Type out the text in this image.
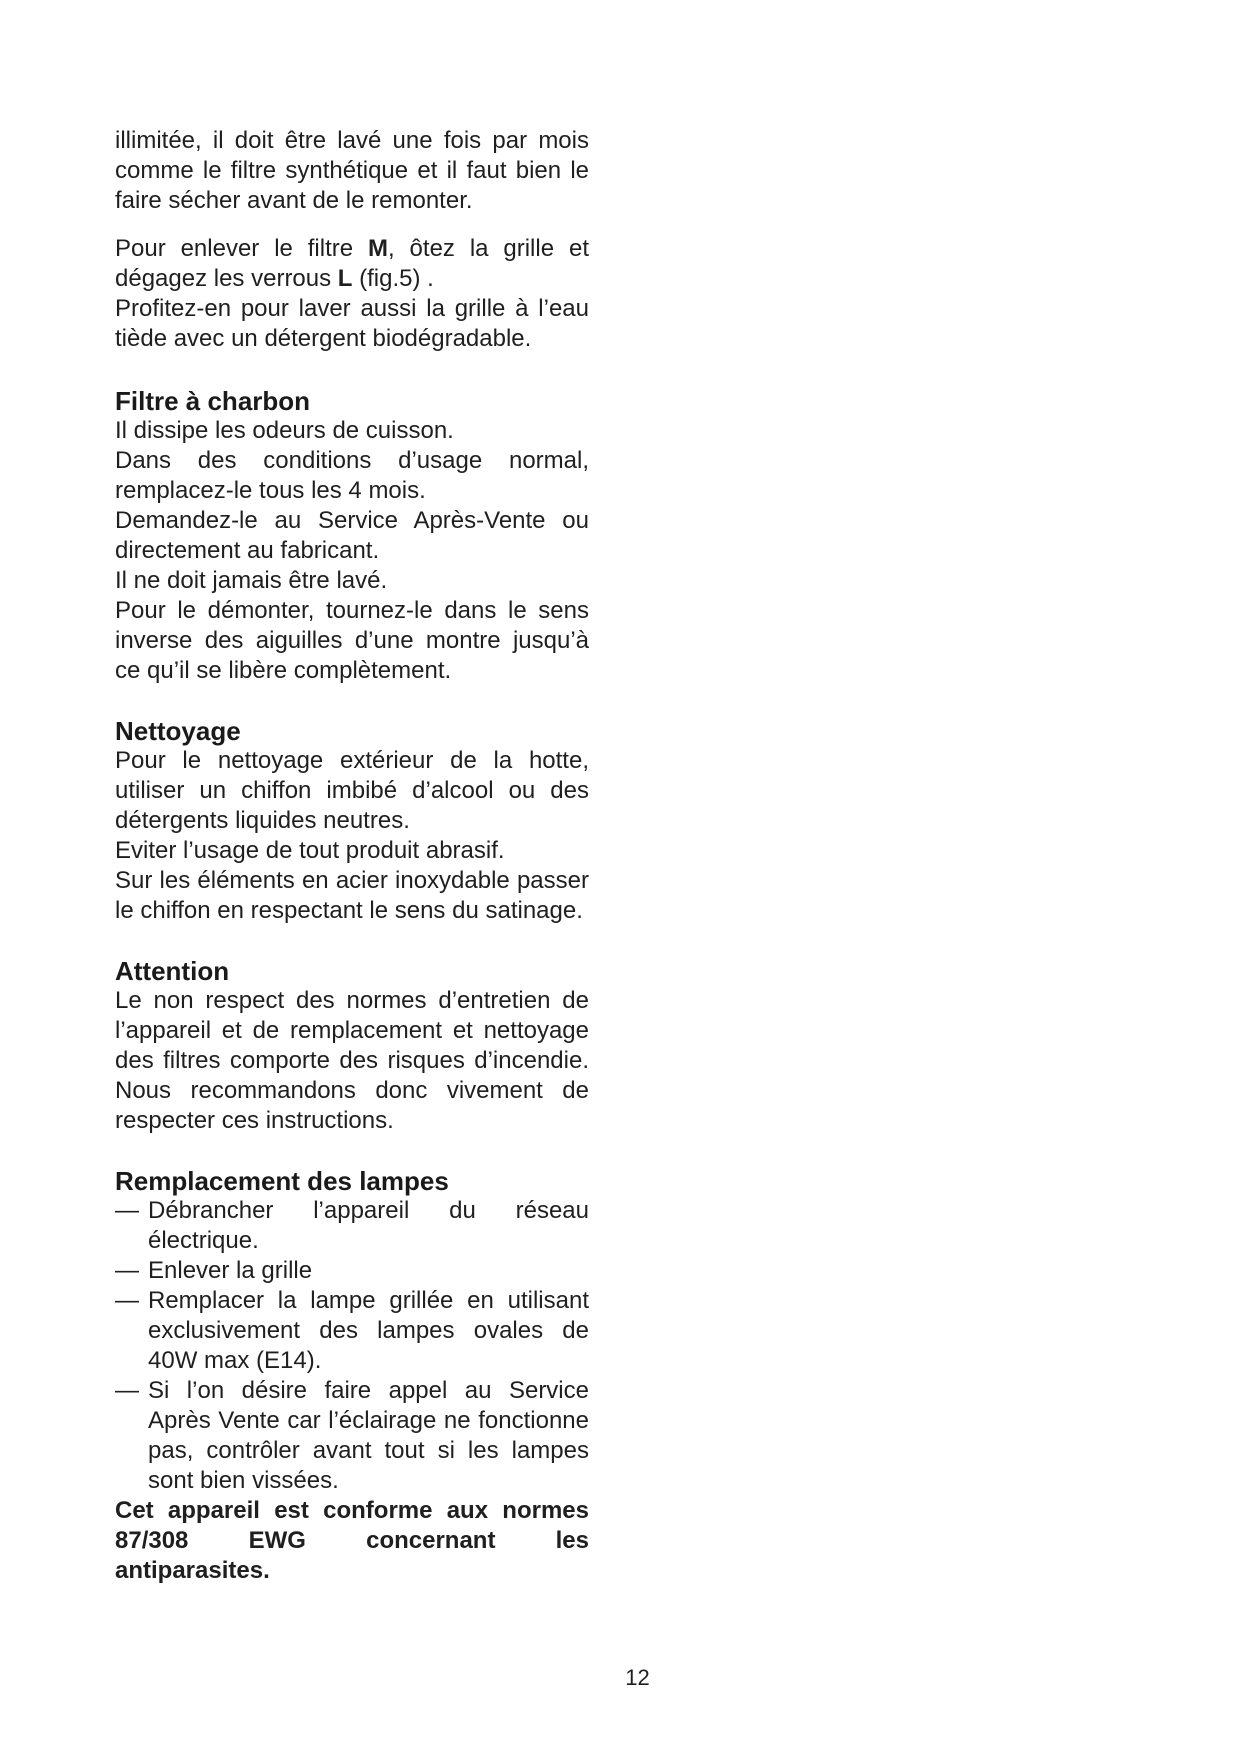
illimitée, il doit être lavé une fois par mois comme le filtre synthétique et il faut bien le faire sécher avant de le remonter.

Pour enlever le filtre M, ôtez la grille et dégagez les verrous L (fig.5) .

Profitez-en pour laver aussi la grille à l’eau tiède avec un détergent biodégradable.

Filtre à charbon

Il dissipe les odeurs de cuisson.

Dans des conditions d’usage normal, remplacez-le tous les 4 mois.

Demandez-le au Service Après-Vente ou directement au fabricant.

Il ne doit jamais être lavé.

Pour le démonter, tournez-le dans le sens inverse des aiguilles d’une montre jusqu’à ce qu’il se libère complètement.

Nettoyage

Pour le nettoyage extérieur de la hotte, utiliser un chiffon imbibé d’alcool ou des détergents liquides neutres.

Eviter l’usage de tout produit abrasif.

Sur les éléments en acier inoxydable passer le chiffon en respectant le sens du satinage.

Attention

Le non respect des normes d’entretien de l’appareil et de remplacement et nettoyage des filtres comporte des risques d’incendie. Nous recommandons donc vivement de respecter ces instructions.

Remplacement des lampes
— Débrancher l’appareil du réseau électrique.
— Enlever la grille
— Remplacer la lampe grillée en utilisant exclusivement des lampes ovales de 40W max (E14).
— Si l’on désire faire appel au Service Après Vente car l’éclairage ne fonctionne pas, contrôler avant tout si les lampes sont bien vissées.

Cet appareil est conforme aux normes 87/308 EWG concernant les antiparasites.

12
